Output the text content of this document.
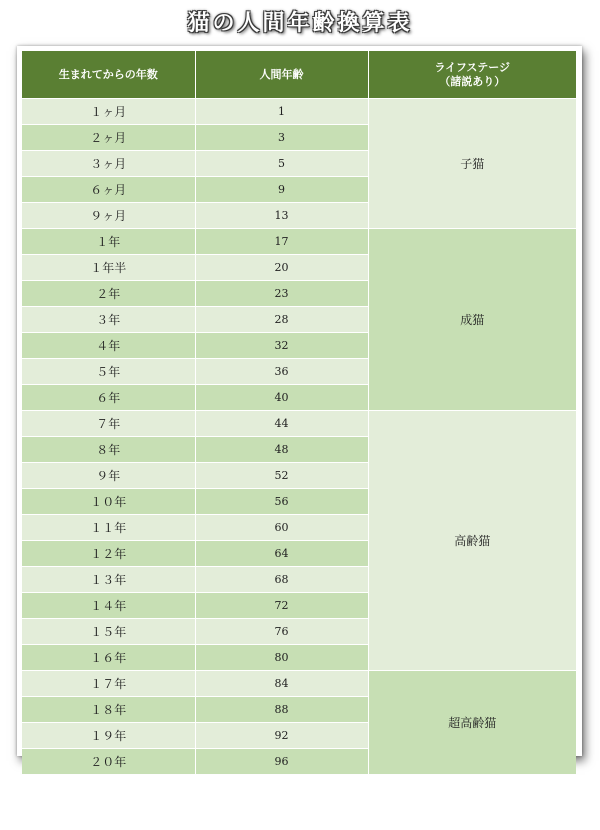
猫の人間年齢換算表
生まれてからの年数	人間年齢	ライフステージ
（諸説あり）
１ヶ月	1	子猫
２ヶ月	3	
３ヶ月	5	
６ヶ月	9	
９ヶ月	13	
１年	17	成猫
１年半	20	
２年	23	
３年	28	
４年	32	
５年	36	
６年	40	
７年	44	高齢猫
８年	48	
９年	52	
１０年	56	
１１年	60	
１２年	64	
１３年	68	
１４年	72	
１５年	76	
１６年	80	
１７年	84	超高齢猫
１８年	88	
１９年	92	
２０年	96	
